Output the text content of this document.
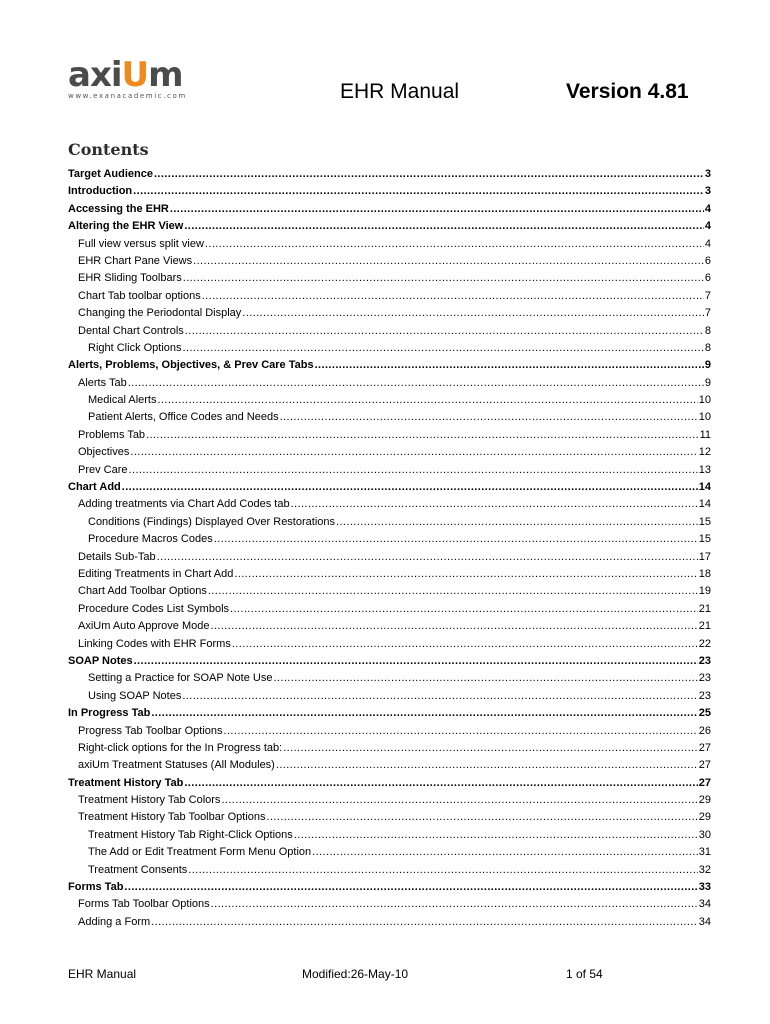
axiUm
www.exanacademic.com	EHR Manual	Version 4.81
Contents
Target Audience .....	3
Introduction .....	3
Accessing the EHR .....	4
Altering the EHR View .....	4
Full view versus split view .....	4
EHR Chart Pane Views .....	6
EHR Sliding Toolbars .....	6
Chart Tab toolbar options .....	7
Changing the Periodontal Display .....	7
Dental Chart Controls .....	8
Right Click Options .....	8
Alerts, Problems, Objectives, & Prev Care Tabs .....	9
Alerts Tab .....	9
Medical Alerts .....	10
Patient Alerts, Office Codes and Needs .....	10
Problems Tab .....	11
Objectives .....	12
Prev Care .....	13
Chart Add .....	14
Adding treatments via Chart Add Codes tab .....	14
Conditions (Findings) Displayed Over Restorations .....	15
Procedure Macros Codes .....	15
Details Sub-Tab .....	17
Editing Treatments in Chart Add .....	18
Chart Add Toolbar Options .....	19
Procedure Codes List Symbols .....	21
AxiUm Auto Approve Mode .....	21
Linking Codes with EHR Forms .....	22
SOAP Notes .....	23
Setting a Practice for SOAP Note Use .....	23
Using SOAP Notes .....	23
In Progress Tab .....	25
Progress Tab Toolbar Options .....	26
Right-click options for the In Progress tab: .....	27
axiUm Treatment Statuses (All Modules) .....	27
Treatment History Tab .....	27
Treatment History Tab Colors .....	29
Treatment History Tab Toolbar Options .....	29
Treatment History Tab Right-Click Options .....	30
The Add or Edit Treatment Form Menu Option .....	31
Treatment Consents .....	32
Forms Tab .....	33
Forms Tab Toolbar Options .....	34
Adding a Form .....	34
EHR Manual	Modified:26-May-10	1 of 54
